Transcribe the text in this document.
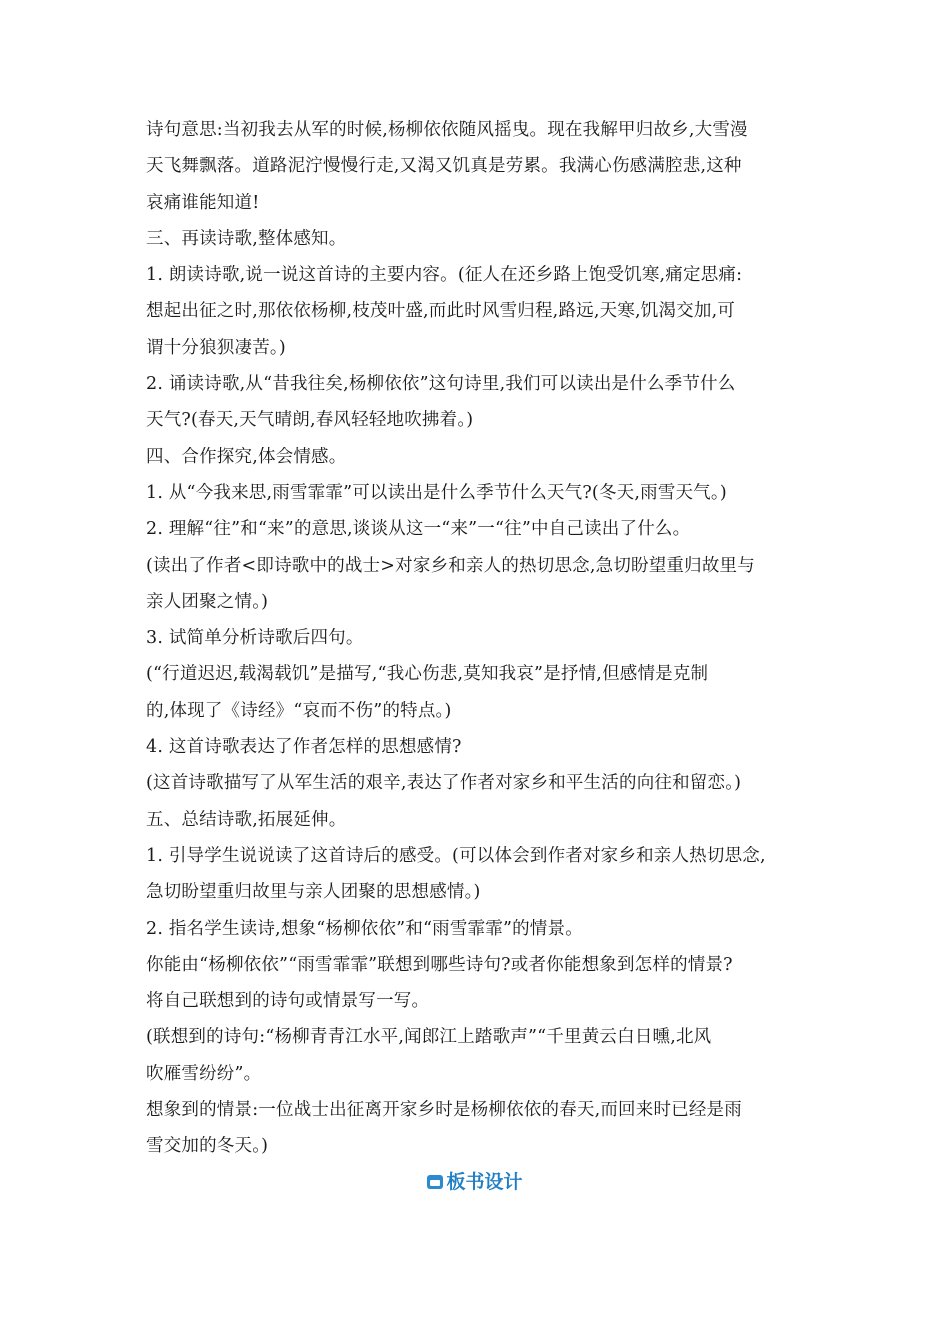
诗句意思:当初我去从军的时候,杨柳依依随风摇曳。现在我解甲归故乡,大雪漫
天飞舞飘落。道路泥泞慢慢行走,又渴又饥真是劳累。我满心伤感满腔悲,这种
哀痛谁能知道!
三、再读诗歌,整体感知。
1. 朗读诗歌,说一说这首诗的主要内容。(征人在还乡路上饱受饥寒,痛定思痛:
想起出征之时,那依依杨柳,枝茂叶盛,而此时风雪归程,路远,天寒,饥渴交加,可
谓十分狼狈凄苦。)
2. 诵读诗歌,从“昔我往矣,杨柳依依”这句诗里,我们可以读出是什么季节什么
天气?(春天,天气晴朗,春风轻轻地吹拂着。)
四、合作探究,体会情感。
1. 从“今我来思,雨雪霏霏”可以读出是什么季节什么天气?(冬天,雨雪天气。)
2. 理解“往”和“来”的意思,谈谈从这一“来”一“往”中自己读出了什么。
(读出了作者<即诗歌中的战士>对家乡和亲人的热切思念,急切盼望重归故里与
亲人团聚之情。)
3. 试简单分析诗歌后四句。
(“行道迟迟,载渴载饥”是描写,“我心伤悲,莫知我哀”是抒情,但感情是克制
的,体现了《诗经》“哀而不伤”的特点。)
4. 这首诗歌表达了作者怎样的思想感情?
(这首诗歌描写了从军生活的艰辛,表达了作者对家乡和平生活的向往和留恋。)
五、总结诗歌,拓展延伸。
1. 引导学生说说读了这首诗后的感受。(可以体会到作者对家乡和亲人热切思念,
急切盼望重归故里与亲人团聚的思想感情。)
2. 指名学生读诗,想象“杨柳依依”和“雨雪霏霏”的情景。
你能由“杨柳依依”“雨雪霏霏”联想到哪些诗句?或者你能想象到怎样的情景?
将自己联想到的诗句或情景写一写。
(联想到的诗句:“杨柳青青江水平,闻郎江上踏歌声”“千里黄云白日曛,北风
吹雁雪纷纷”。
想象到的情景:一位战士出征离开家乡时是杨柳依依的春天,而回来时已经是雨
雪交加的冬天。)
板书设计
